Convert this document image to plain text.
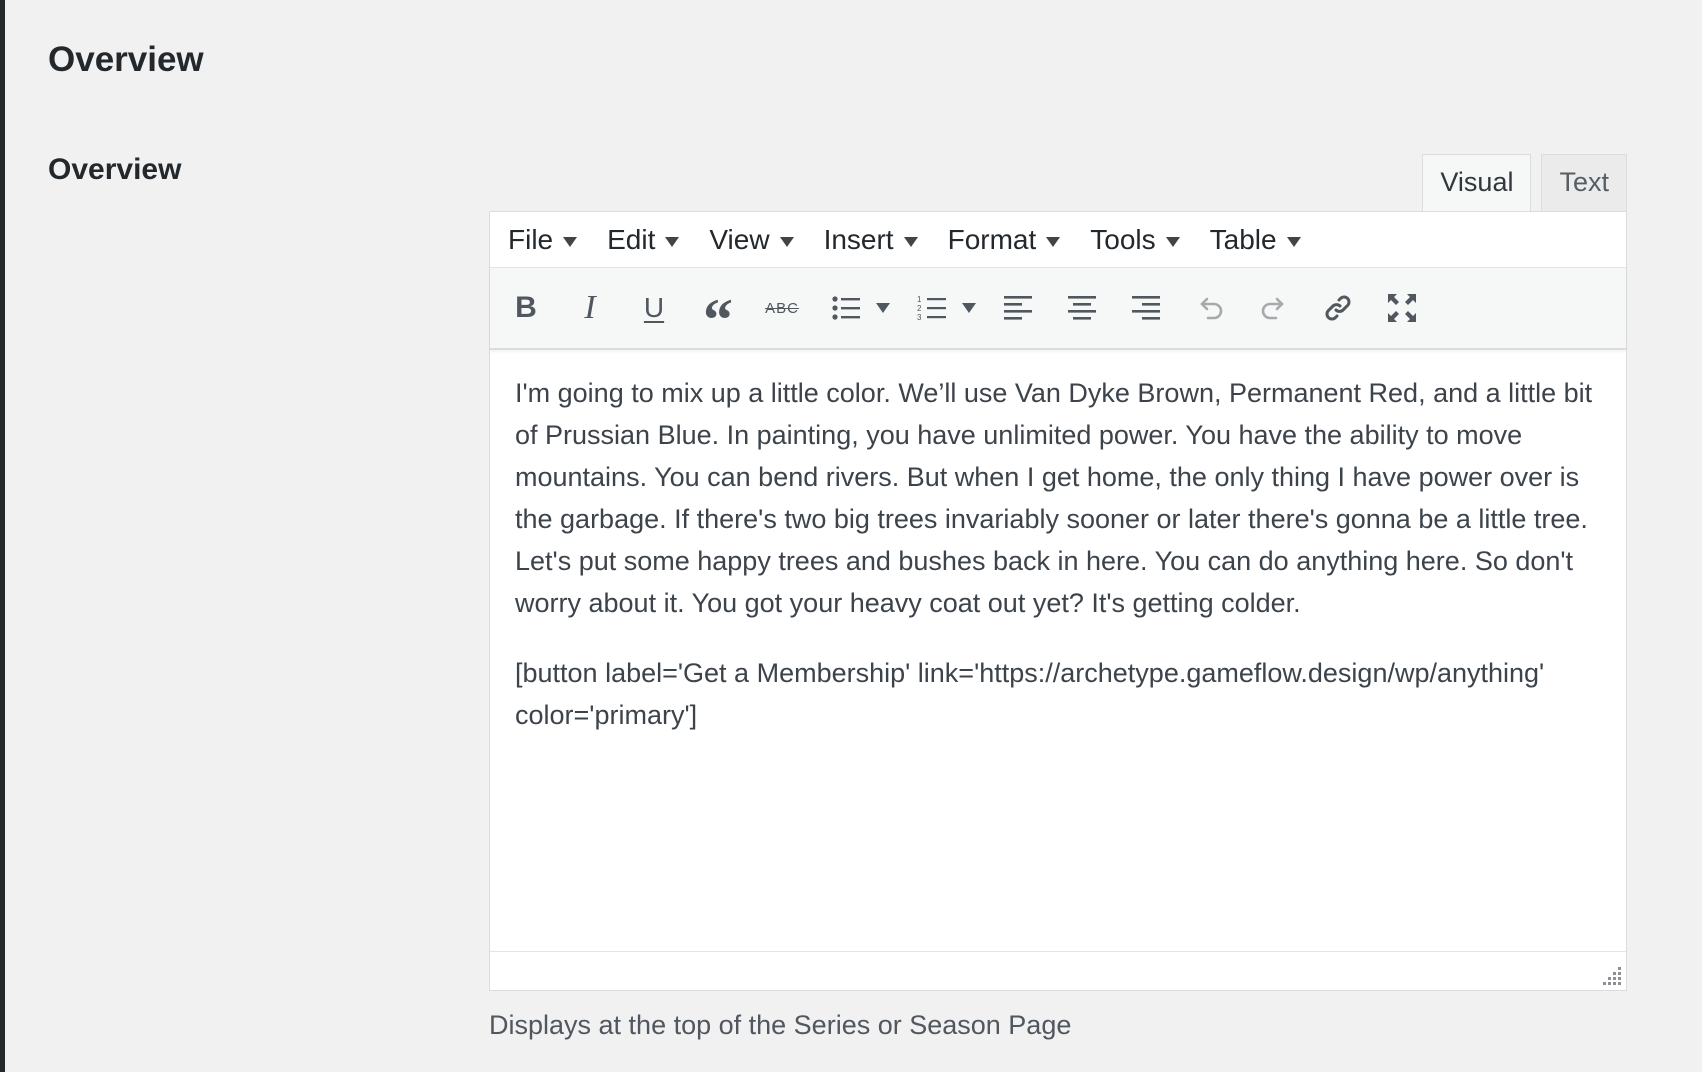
Overview
Overview	Visual	Text
File Edit View Insert Format Tools Table
B I U “ ABC	1
2
3

I'm going to mix up a little color. We’ll use Van Dyke Brown, Permanent Red, and a little bit of Prussian Blue. In painting, you have unlimited power. You have the ability to move mountains. You can bend rivers. But when I get home, the only thing I have power over is the garbage. If there's two big trees invariably sooner or later there's gonna be a little tree. Let's put some happy trees and bushes back in here. You can do anything here. So don't worry about it. You got your heavy coat out yet? It's getting colder.

[button label='Get a Membership' link='https://archetype.gameflow.design/wp/anything' color='primary']

Displays at the top of the Series or Season Page
